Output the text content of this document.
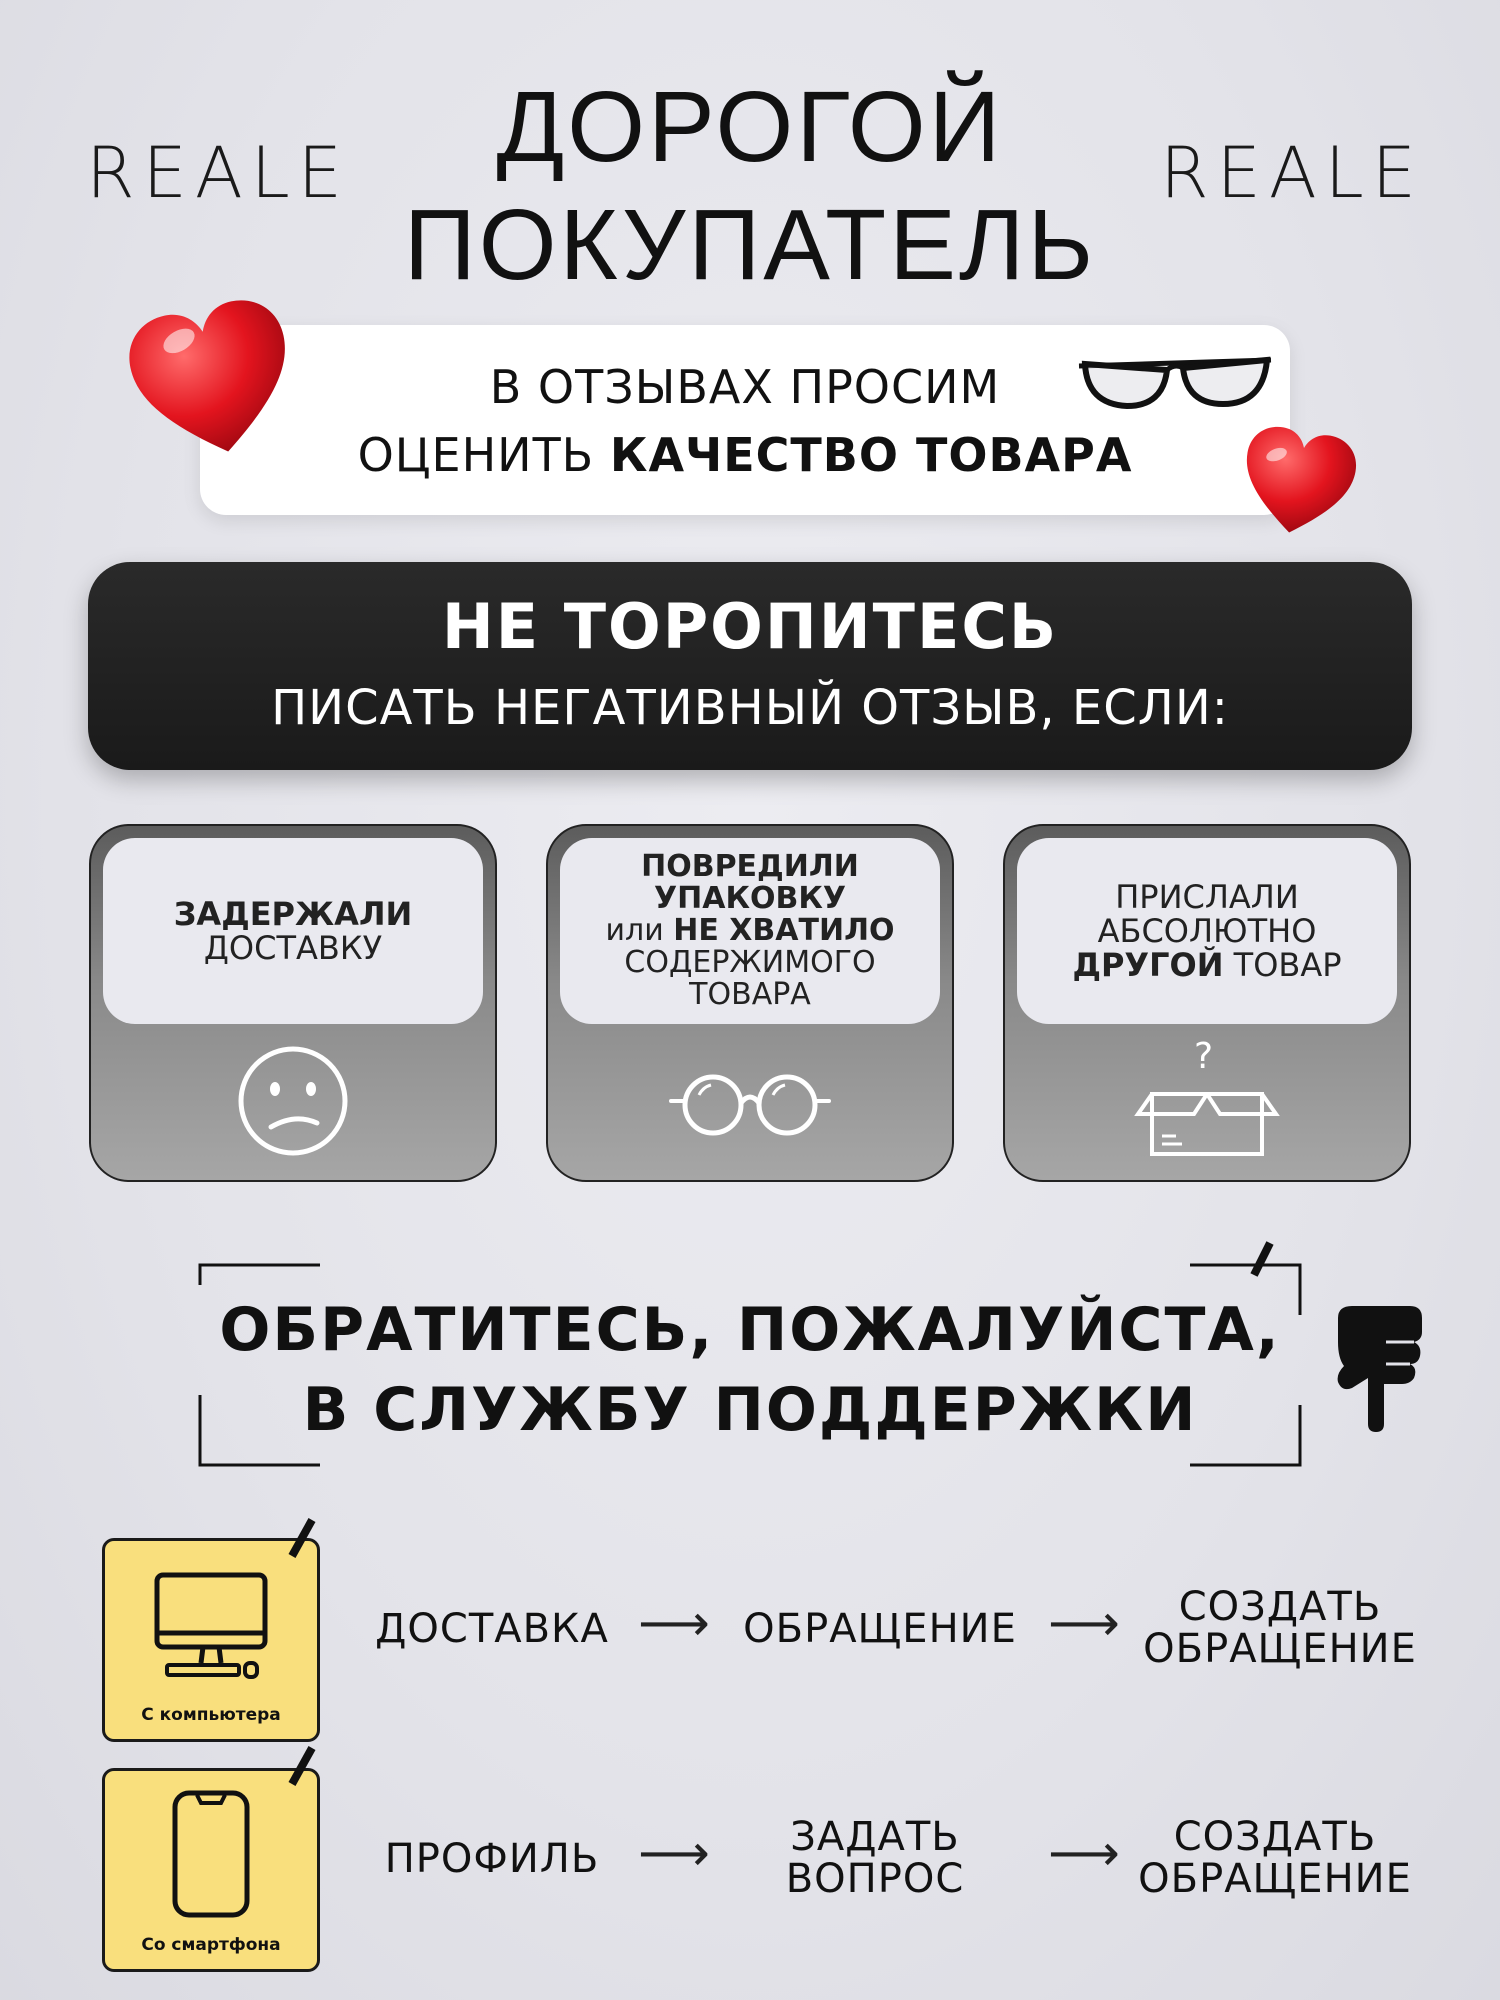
REALE	REALE
ДОРОГОЙ
ПОКУПАТЕЛЬ
В ОТЗЫВАХ ПРОСИМ
ОЦЕНИТЬ КАЧЕСТВО ТОВАРА
НЕ ТОРОПИТЕСЬ
ПИСАТЬ НЕГАТИВНЫЙ ОТЗЫВ, ЕСЛИ:
ЗАДЕРЖАЛИ
ДОСТАВКУ
ПОВРЕДИЛИ
УПАКОВКУ
или НЕ ХВАТИЛО
СОДЕРЖИМОГО
ТОВАРА
ПРИСЛАЛИ
АБСОЛЮТНО
ДРУГОЙ ТОВАР
?
ОБРАТИТЕСЬ, ПОЖАЛУЙСТА,
В СЛУЖБУ ПОДДЕРЖКИ
С компьютера
ДОСТАВКА ⟶ ОБРАЩЕНИЕ ⟶	СОЗДАТЬ ОБРАЩЕНИЕ
Со смартфона
ПРОФИЛЬ ⟶	ЗАДАТЬ ВОПРОС	⟶	СОЗДАТЬ ОБРАЩЕНИЕ
